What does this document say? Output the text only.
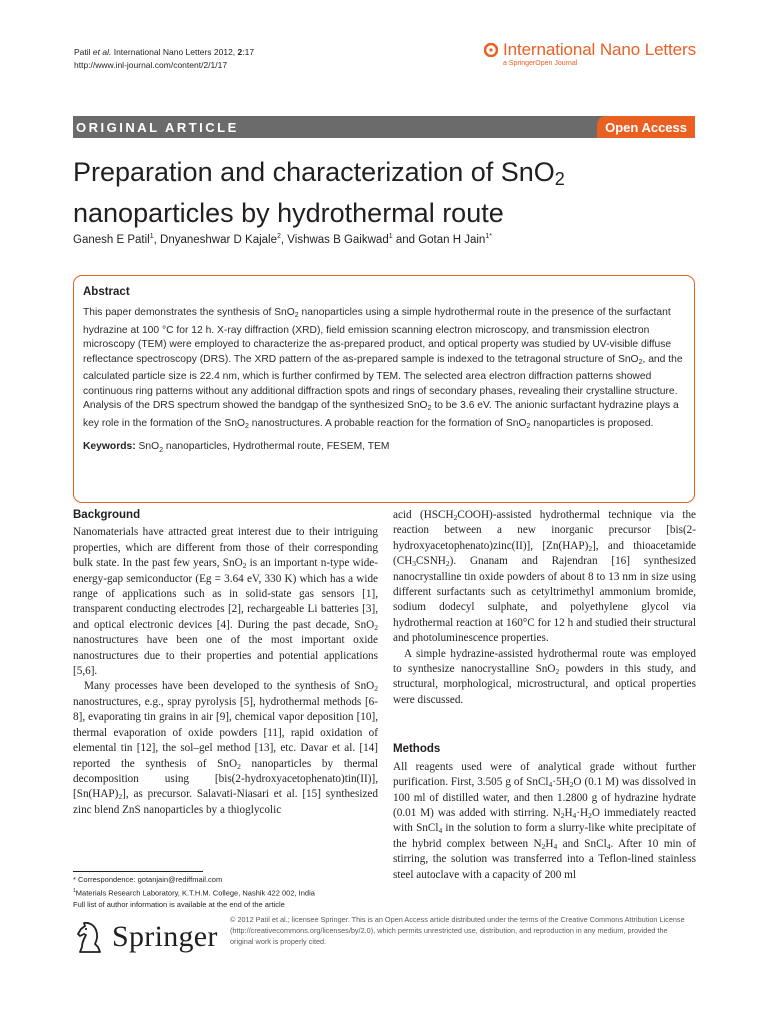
Patil et al. International Nano Letters 2012, 2:17
http://www.inl-journal.com/content/2/1/17
International Nano Letters
a SpringerOpen Journal
ORIGINAL ARTICLE	Open Access
Preparation and characterization of SnO$_2$
nanoparticles by hydrothermal route
Ganesh E Patil$^1$, Dnyaneshwar D Kajale$^2$, Vishwas B Gaikwad$^1$ and Gotan H Jain$^{1*}$
Abstract
This paper demonstrates the synthesis of SnO$_2$ nanoparticles using a simple hydrothermal route in the presence of the surfactant hydrazine at 100 °C for 12 h. X-ray diffraction (XRD), field emission scanning electron microscopy, and transmission electron microscopy (TEM) were employed to characterize the as-prepared product, and optical property was studied by UV-visible diffuse reflectance spectroscopy (DRS). The XRD pattern of the as-prepared sample is indexed to the tetragonal structure of SnO$_2$, and the calculated particle size is 22.4 nm, which is further confirmed by TEM. The selected area electron diffraction patterns showed continuous ring patterns without any additional diffraction spots and rings of secondary phases, revealing their crystalline structure. Analysis of the DRS spectrum showed the bandgap of the synthesized SnO$_2$ to be 3.6 eV. The anionic surfactant hydrazine plays a key role in the formation of the SnO$_2$ nanostructures. A probable reaction for the formation of SnO$_2$ nanoparticles is proposed.
Keywords: SnO$_2$ nanoparticles, Hydrothermal route, FESEM, TEM
Background

Nanomaterials have attracted great interest due to their intriguing properties, which are different from those of their corresponding bulk state. In the past few years, SnO$_2$ is an important n-type wide-energy-gap semiconductor (Eg = 3.64 eV, 330 K) which has a wide range of applications such as in solid-state gas sensors [1], transparent conducting electrodes [2], rechargeable Li batteries [3], and optical electronic devices [4]. During the past decade, SnO$_2$ nanostructures have been one of the most important oxide nanostructures due to their properties and potential applications [5,6].

Many processes have been developed to the synthesis of SnO$_2$ nanostructures, e.g., spray pyrolysis [5], hydrothermal methods [6-8], evaporating tin grains in air [9], chemical vapor deposition [10], thermal evaporation of oxide powders [11], rapid oxidation of elemental tin [12], the sol–gel method [13], etc. Davar et al. [14] reported the synthesis of SnO$_2$ nanoparticles by thermal decomposition using [bis(2-hydroxyacetophenato)tin(II)], $[Sn(HAP)_2]$, as precursor. Salavati-Niasari et al. [15] synthesized zinc blend ZnS nanoparticles by a thioglycolic

acid $(HSCH_2COOH)$-assisted hydrothermal technique via the reaction between a new inorganic precursor [bis(2-hydroxyacetophenato)zinc(II)], $[Zn(HAP)_2]$, and thioacetamide $(CH_3CSNH_2)$. Gnanam and Rajendran [16] synthesized nanocrystalline tin oxide powders of about 8 to 13 nm in size using different surfactants such as cetyltrimethyl ammonium bromide, sodium dodecyl sulphate, and polyethylene glycol via hydrothermal reaction at 160°C for 12 h and studied their structural and photoluminescence properties.

A simple hydrazine-assisted hydrothermal route was employed to synthesize nanocrystalline SnO$_2$ powders in this study, and structural, morphological, microstructural, and optical properties were discussed.

Methods

All reagents used were of analytical grade without further purification. First, 3.505 g of $SnCl_4\cdot 5H_2O$ (0.1 M) was dissolved in 100 ml of distilled water, and then 1.2800 g of hydrazine hydrate (0.01 M) was added with stirring. $N_2H_4\cdot H_2O$ immediately reacted with SnCl$_4$ in the solution to form a slurry-like white precipitate of the hybrid complex between $N_2H_4$ and SnCl$_4$. After 10 min of stirring, the solution was transferred into a Teflon-lined stainless steel autoclave with a capacity of 200 ml

* Correspondence: gotanjain@rediffmail.com
$^1$Materials Research Laboratory, K.T.H.M. College, Nashik 422 002, India
Full list of author information is available at the end of the article
Springer
© 2012 Patil et al.; licensee Springer. This is an Open Access article distributed under the terms of the Creative Commons Attribution License (http://creativecommons.org/licenses/by/2.0), which permits unrestricted use, distribution, and reproduction in any medium, provided the original work is properly cited.
